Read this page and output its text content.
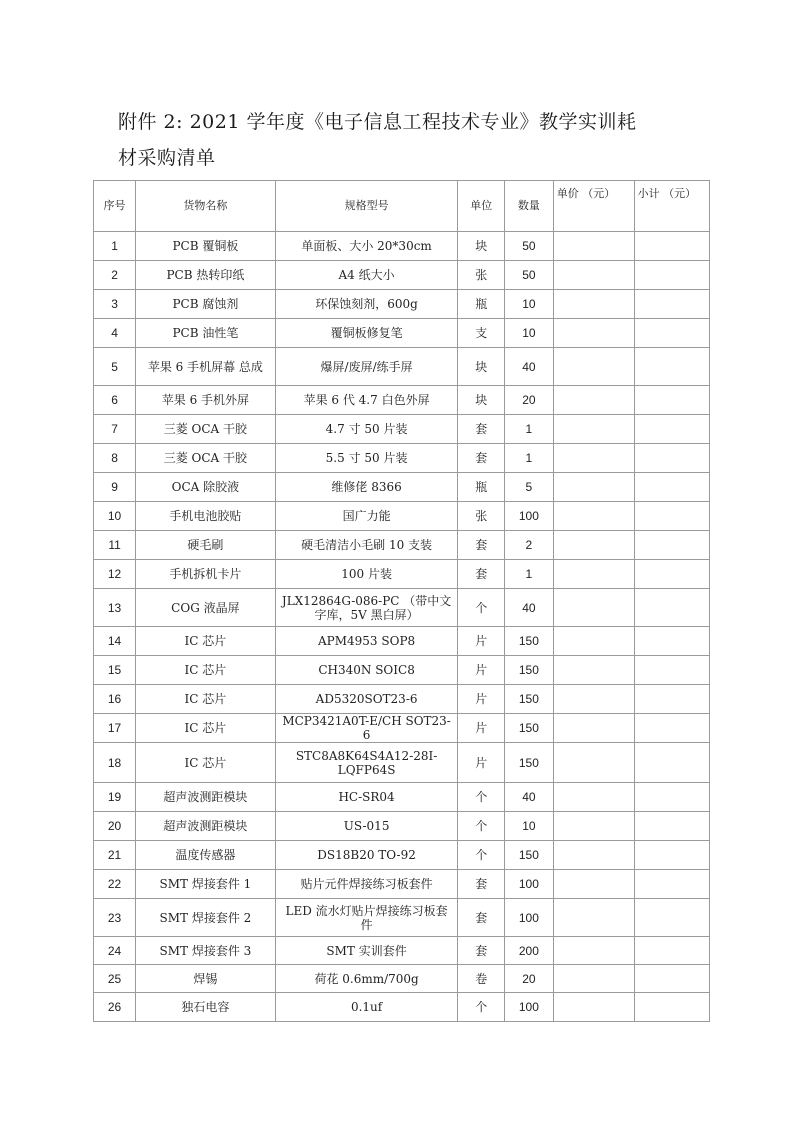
附件 2: 2021 学年度《电子信息工程技术专业》教学实训耗
材采购清单
序号	货物名称	规格型号	单位	数量	单价 （元）	小计 （元）
1	PCB 覆铜板	单面板、大小 20*30cm	块	50		
2	PCB 热转印纸	A4 纸大小	张	50		
3	PCB 腐蚀剂	环保蚀刻剂，600g	瓶	10		
4	PCB 油性笔	覆铜板修复笔	支	10		
5	苹果 6 手机屏幕 总成	爆屏/废屏/练手屏	块	40		
6	苹果 6 手机外屏	苹果 6 代 4.7 白色外屏	块	20		
7	三菱 OCA 干胶	4.7 寸 50 片装	套	1		
8	三菱 OCA 干胶	5.5 寸 50 片装	套	1		
9	OCA 除胶液	维修佬 8366	瓶	5		
10	手机电池胶贴	国广力能	张	100		
11	硬毛刷	硬毛清洁小毛刷 10 支装	套	2		
12	手机拆机卡片	100 片装	套	1		
13	COG 液晶屏	JLX12864G-086-PC （带中文字库，5V 黑白屏）	个	40		
14	IC 芯片	APM4953 SOP8	片	150		
15	IC 芯片	CH340N SOIC8	片	150		
16	IC 芯片	AD5320SOT23-6	片	150		
17	IC 芯片	MCP3421A0T-E/CH SOT23-6	片	150		
18	IC 芯片	STC8A8K64S4A12-28I-LQFP64S	片	150		
19	超声波测距模块	HC-SR04	个	40		
20	超声波测距模块	US-015	个	10		
21	温度传感器	DS18B20 TO-92	个	150		
22	SMT 焊接套件 1	贴片元件焊接练习板套件	套	100		
23	SMT 焊接套件 2	LED 流水灯贴片焊接练习板套 件	套	100		
24	SMT 焊接套件 3	SMT 实训套件	套	200		
25	焊锡	荷花 0.6mm/700g	卷	20		
26	独石电容	0.1uf	个	100		
